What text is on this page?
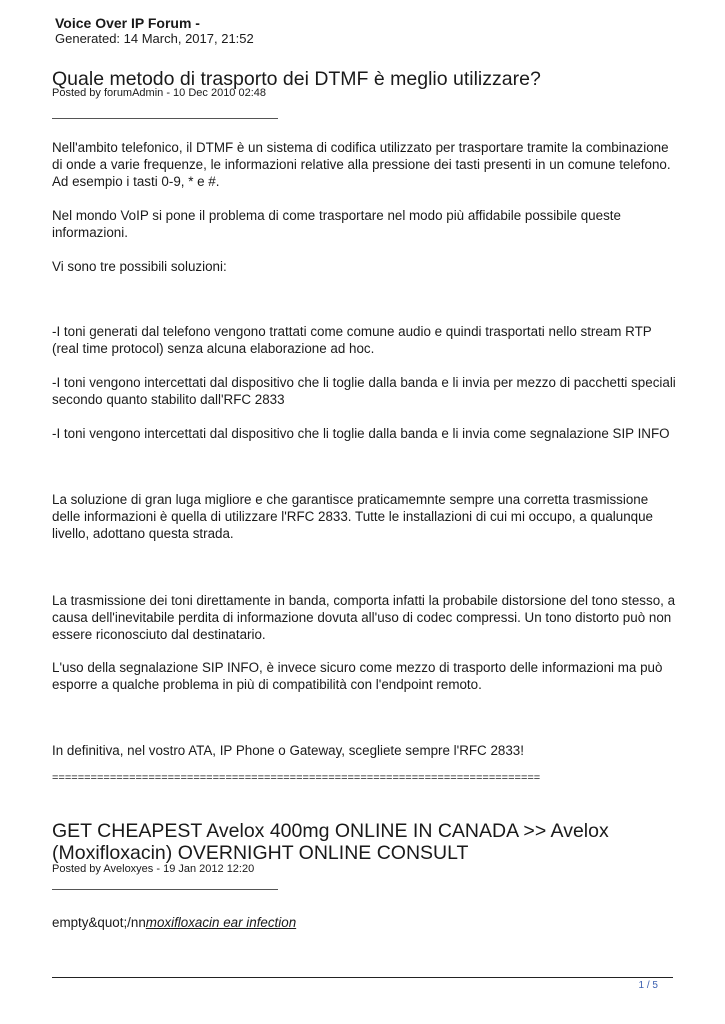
Voice Over IP Forum -
Generated: 14 March, 2017, 21:52
Quale metodo di trasporto dei DTMF è meglio utilizzare?
Posted by forumAdmin - 10 Dec 2010 02:48

Nell'ambito telefonico, il DTMF è un sistema di codifica utilizzato per trasportare tramite la combinazione di onde a varie frequenze, le informazioni relative alla pressione dei tasti presenti in un comune telefono. Ad esempio i tasti 0-9, * e #.

Nel mondo VoIP si pone il problema di come trasportare nel modo più affidabile possibile queste informazioni.

Vi sono tre possibili soluzioni:

-I toni generati dal telefono vengono trattati come comune audio e quindi trasportati nello stream RTP (real time protocol) senza alcuna elaborazione ad hoc.

-I toni vengono intercettati dal dispositivo che li toglie dalla banda e li invia per mezzo di pacchetti speciali secondo quanto stabilito dall'RFC 2833

-I toni vengono intercettati dal dispositivo che li toglie dalla banda e li invia come segnalazione SIP INFO

La soluzione di gran luga migliore e che garantisce praticamemnte sempre una corretta trasmissione delle informazioni è quella di utilizzare l'RFC 2833. Tutte le installazioni di cui mi occupo, a qualunque livello, adottano questa strada.

La trasmissione dei toni direttamente in banda, comporta infatti la probabile distorsione del tono stesso, a causa dell'inevitabile perdita di informazione dovuta all'uso di codec compressi. Un tono distorto può non essere riconosciuto dal destinatario.

L'uso della segnalazione SIP INFO, è invece sicuro come mezzo di trasporto delle informazioni ma può esporre a qualche problema in più di compatibilità con l'endpoint remoto.

In definitiva, nel vostro ATA, IP Phone o Gateway, scegliete sempre l'RFC 2833!

============================================================================
GET CHEAPEST Avelox 400mg ONLINE IN CANADA >> Avelox (Moxifloxacin) OVERNIGHT ONLINE CONSULT
Posted by Aveloxyes - 19 Jan 2012 12:20

empty&quot;/nnmoxifloxacin ear infection

1 / 5
